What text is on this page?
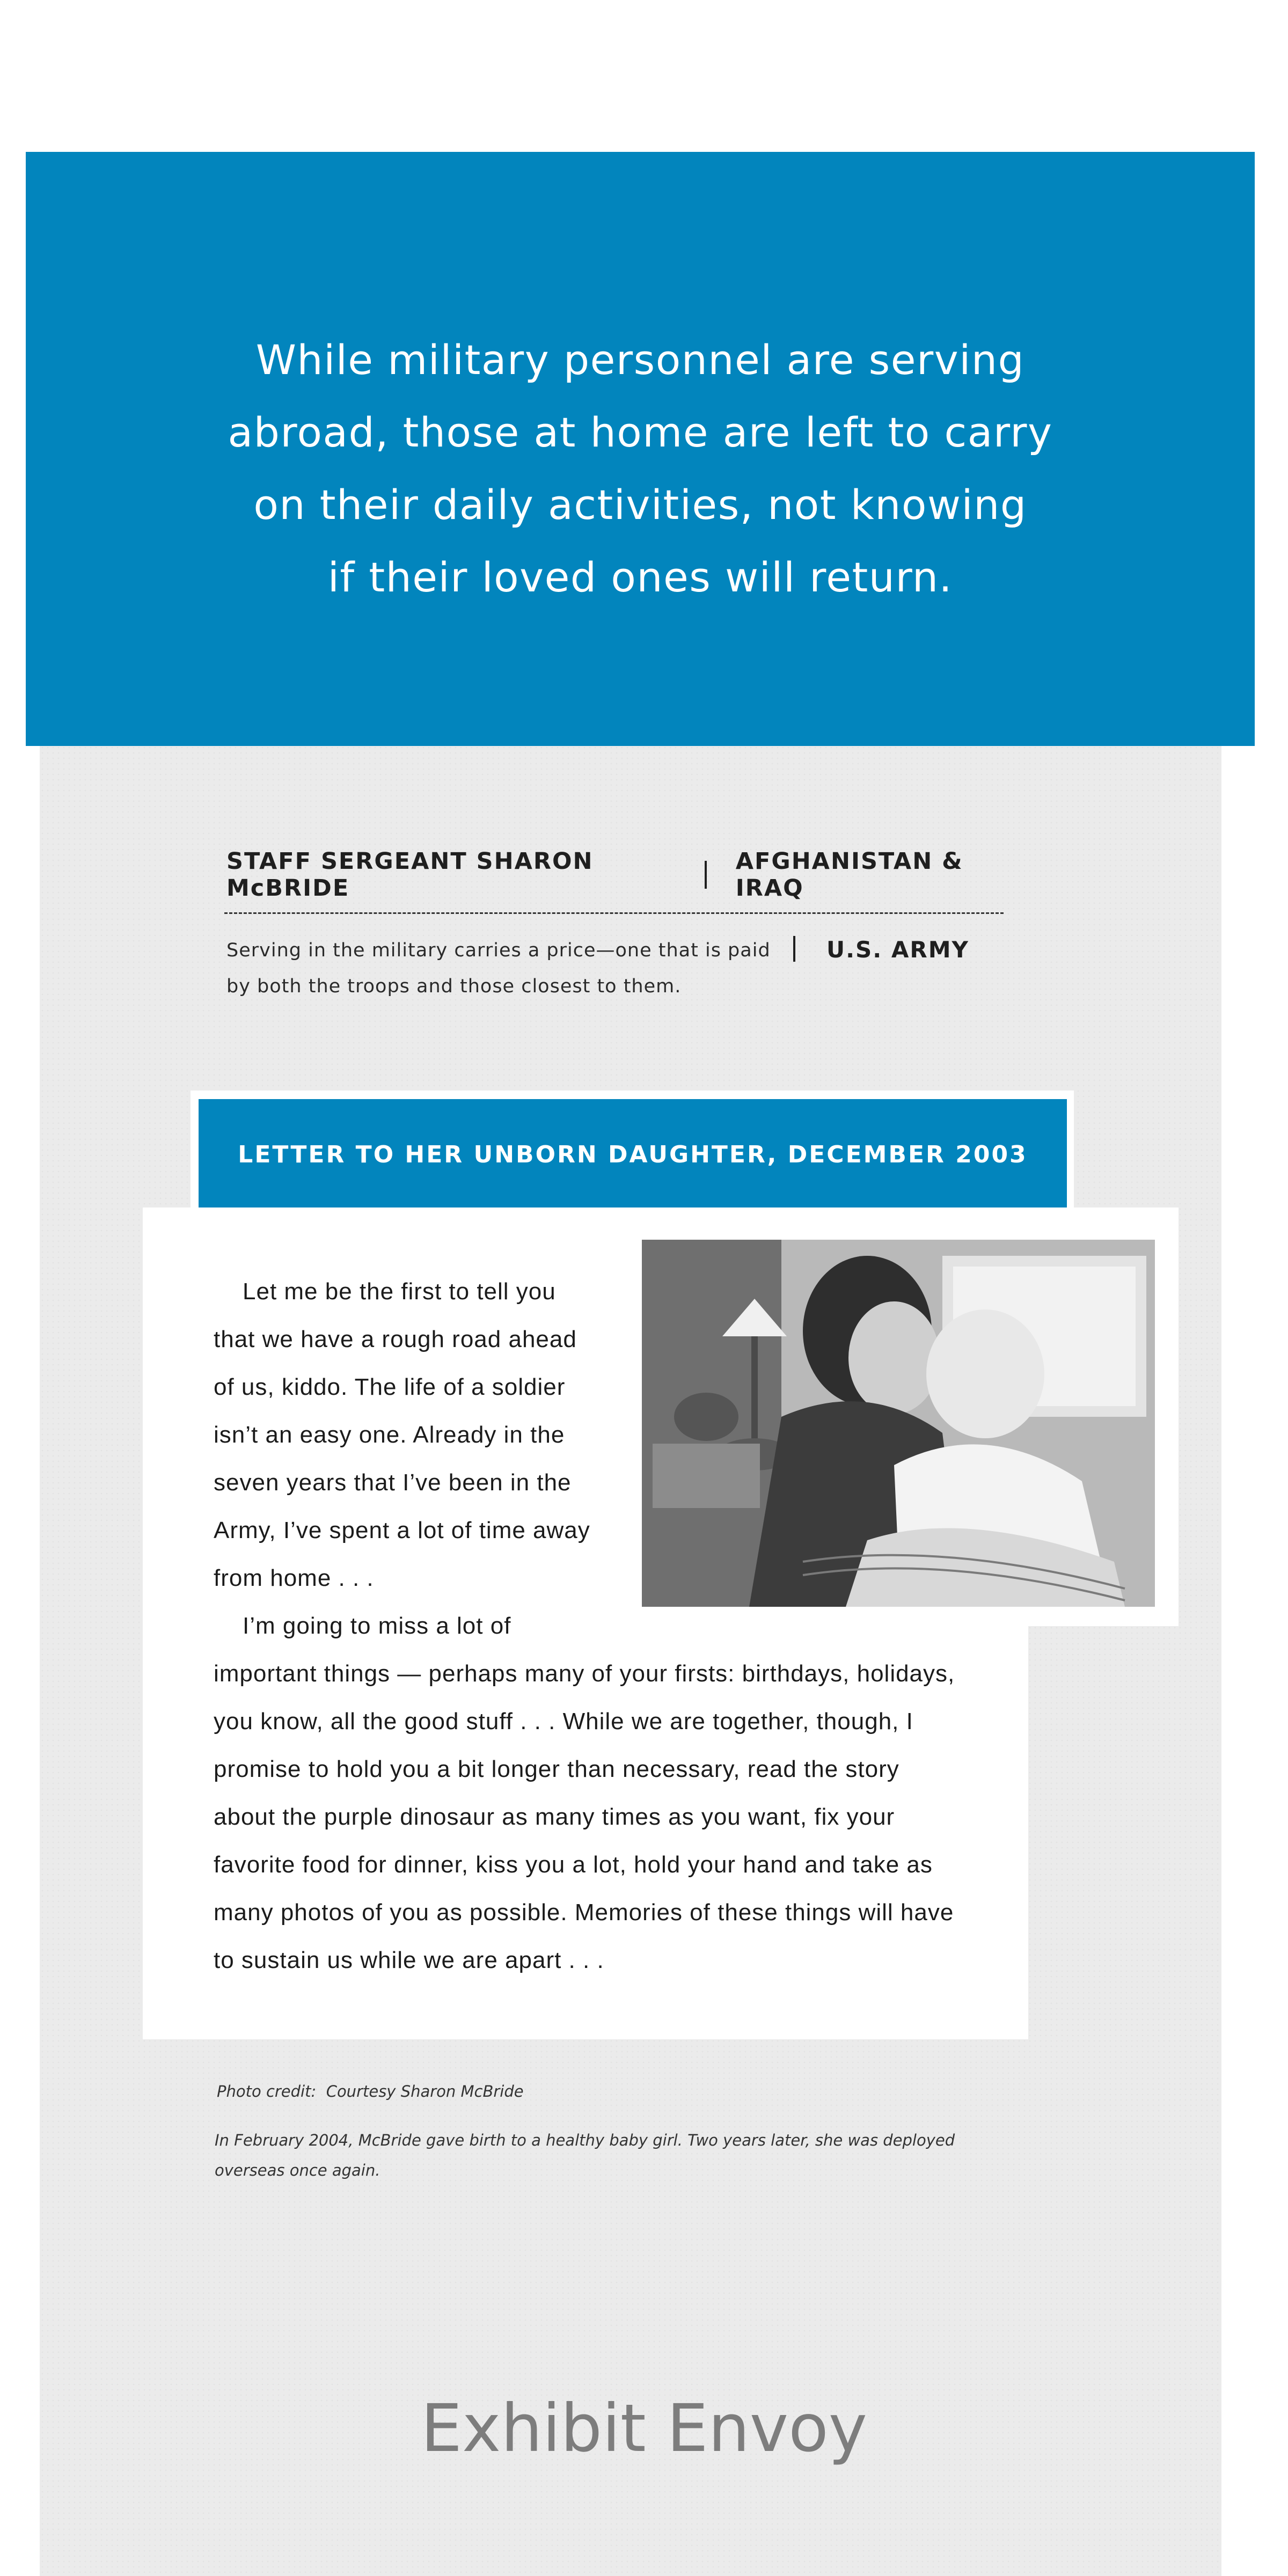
While military personnel are serving
abroad, those at home are left to carry
on their daily activities, not knowing
if their loved ones will return.

STAFF SERGEANT SHARON McBRIDE
AFGHANISTAN & IRAQ

Serving in the military carries a price—one that is paid
by both the troops and those closest to them.

U.S. ARMY
LETTER TO HER UNBORN DAUGHTER, DECEMBER 2003

Let me be the first to tell you
that we have a rough road ahead
of us, kiddo. The life of a soldier
isn’t an easy one. Already in the
seven years that I’ve been in the
Army, I’ve spent a lot of time away
from home . . .

I’m going to miss a lot of
important things — perhaps many of your firsts: birthdays, holidays,
you know, all the good stuff . . . While we are together, though, I
promise to hold you a bit longer than necessary, read the story
about the purple dinosaur as many times as you want, fix your
favorite food for dinner, kiss you a lot, hold your hand and take as
many photos of you as possible. Memories of these things will have
to sustain us while we are apart . . .

Photo credit:  Courtesy Sharon McBride

In February 2004, McBride gave birth to a healthy baby girl. Two years later, she was deployed
overseas once again.

Exhibit Envoy
